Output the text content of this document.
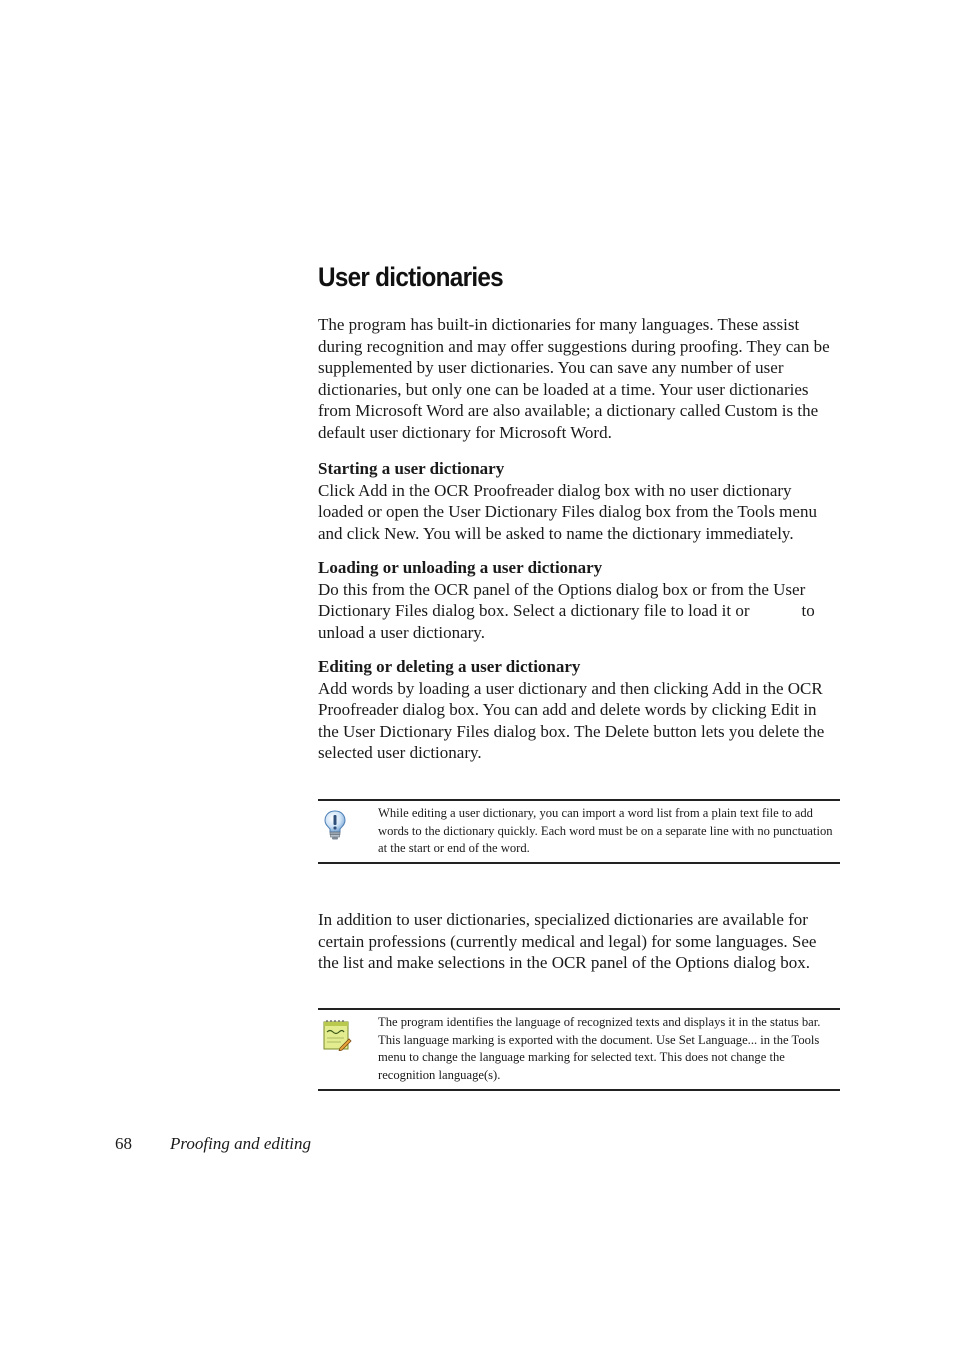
User dictionaries

The program has built-in dictionaries for many languages. These assist during recognition and may offer suggestions during proofing. They can be supplemented by user dictionaries. You can save any number of user dictionaries, but only one can be loaded at a time. Your user dictionaries from Microsoft Word are also available; a dictionary called Custom is the default user dictionary for Microsoft Word.

Starting a user dictionary
Click Add in the OCR Proofreader dialog box with no user dictionary loaded or open the User Dictionary Files dialog box from the Tools menu and click New. You will be asked to name the dictionary immediately.
Loading or unloading a user dictionary
Do this from the OCR panel of the Options dialog box or from the User Dictionary Files dialog box. Select a dictionary file to load it or	to unload a user dictionary.
Editing or deleting a user dictionary
Add words by loading a user dictionary and then clicking Add in the OCR Proofreader dialog box. You can add and delete words by clicking Edit in the User Dictionary Files dialog box. The Delete button lets you delete the selected user dictionary.
While editing a user dictionary, you can import a word list from a plain text file to add words to the dictionary quickly. Each word must be on a separate line with no punctuation at the start or end of the word.

In addition to user dictionaries, specialized dictionaries are available for certain professions (currently medical and legal) for some languages. See the list and make selections in the OCR panel of the Options dialog box.

The program identifies the language of recognized texts and displays it in the status bar. This language marking is exported with the document. Use Set Language... in the Tools menu to change the language marking for selected text. This does not change the recognition language(s).
68 Proofing and editing
